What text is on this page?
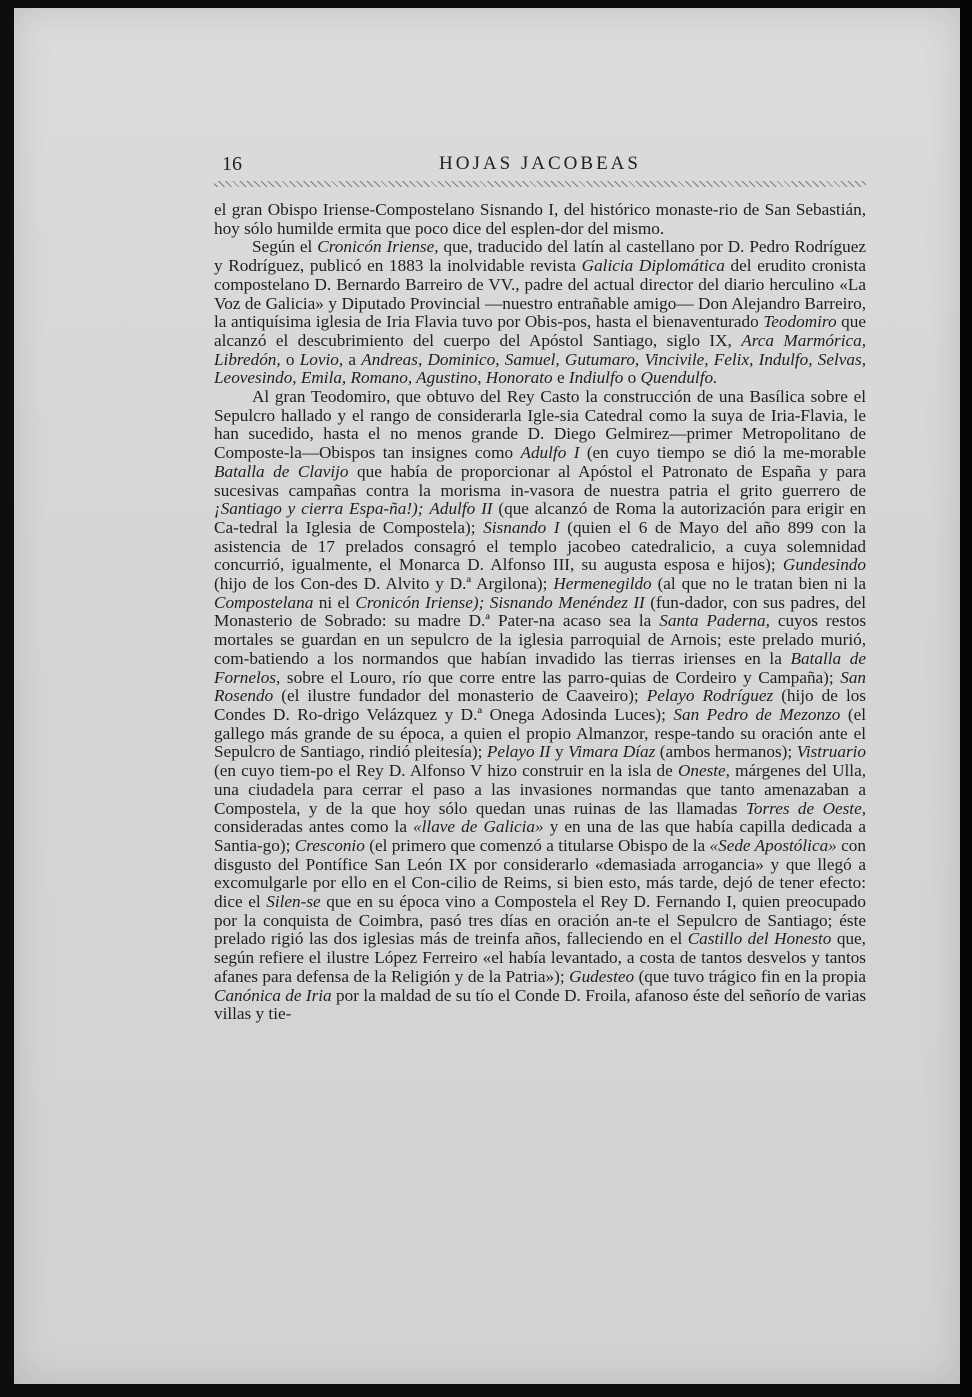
16	HOJAS JACOBEAS

el gran Obispo Iriense-Compostelano Sisnando I, del histórico monaste-rio de San Sebastián, hoy sólo humilde ermita que poco dice del esplen-dor del mismo.

Según el Cronicón Iriense, que, traducido del latín al castellano por D. Pedro Rodríguez y Rodríguez, publicó en 1883 la inolvidable revista Galicia Diplomática del erudito cronista compostelano D. Bernardo Barreiro de VV., padre del actual director del diario herculino «La Voz de Galicia» y Diputado Provincial —nuestro entrañable amigo— Don Alejandro Barreiro, la antiquísima iglesia de Iria Flavia tuvo por Obis-pos, hasta el bienaventurado Teodomiro que alcanzó el descubrimiento del cuerpo del Apóstol Santiago, siglo IX, Arca Marmórica, Libredón, o Lovio, a Andreas, Dominico, Samuel, Gutumaro, Vincivile, Felix, Indulfo, Selvas, Leovesindo, Emila, Romano, Agustino, Honorato e Indiulfo o Quendulfo.

Al gran Teodomiro, que obtuvo del Rey Casto la construcción de una Basílica sobre el Sepulcro hallado y el rango de considerarla Igle-sia Catedral como la suya de Iria-Flavia, le han sucedido, hasta el no menos grande D. Diego Gelmirez—primer Metropolitano de Composte-la—Obispos tan insignes como Adulfo I (en cuyo tiempo se dió la me-morable Batalla de Clavijo que había de proporcionar al Apóstol el Patronato de España y para sucesivas campañas contra la morisma in-vasora de nuestra patria el grito guerrero de ¡Santiago y cierra Espa-ña!); Adulfo II (que alcanzó de Roma la autorización para erigir en Ca-tedral la Iglesia de Compostela); Sisnando I (quien el 6 de Mayo del año 899 con la asistencia de 17 prelados consagró el templo jacobeo catedralicio, a cuya solemnidad concurrió, igualmente, el Monarca D. Alfonso III, su augusta esposa e hijos); Gundesindo (hijo de los Con-des D. Alvito y D.ª Argilona); Hermenegildo (al que no le tratan bien ni la Compostelana ni el Cronicón Iriense); Sisnando Menéndez II (fun-dador, con sus padres, del Monasterio de Sobrado: su madre D.ª Pater-na acaso sea la Santa Paderna, cuyos restos mortales se guardan en un sepulcro de la iglesia parroquial de Arnois; este prelado murió, com-batiendo a los normandos que habían invadido las tierras irienses en la Batalla de Fornelos, sobre el Louro, río que corre entre las parro-quias de Cordeiro y Campaña); San Rosendo (el ilustre fundador del monasterio de Caaveiro); Pelayo Rodríguez (hijo de los Condes D. Ro-drigo Velázquez y D.ª Onega Adosinda Luces); San Pedro de Mezonzo (el gallego más grande de su época, a quien el propio Almanzor, respe-tando su oración ante el Sepulcro de Santiago, rindió pleitesía); Pelayo II y Vimara Díaz (ambos hermanos); Vistruario (en cuyo tiem-po el Rey D. Alfonso V hizo construir en la isla de Oneste, márgenes del Ulla, una ciudadela para cerrar el paso a las invasiones normandas que tanto amenazaban a Compostela, y de la que hoy sólo quedan unas ruinas de las llamadas Torres de Oeste, consideradas antes como la «llave de Galicia» y en una de las que había capilla dedicada a Santia-go); Cresconio (el primero que comenzó a titularse Obispo de la «Sede Apostólica» con disgusto del Pontífice San León IX por considerarlo «demasiada arrogancia» y que llegó a excomulgarle por ello en el Con-cilio de Reims, si bien esto, más tarde, dejó de tener efecto: dice el Silen-se que en su época vino a Compostela el Rey D. Fernando I, quien preocupado por la conquista de Coimbra, pasó tres días en oración an-te el Sepulcro de Santiago; éste prelado rigió las dos iglesias más de treinfa años, falleciendo en el Castillo del Honesto que, según refiere el ilustre López Ferreiro «el había levantado, a costa de tantos desvelos y tantos afanes para defensa de la Religión y de la Patria»); Gudesteo (que tuvo trágico fin en la propia Canónica de Iria por la maldad de su tío el Conde D. Froila, afanoso éste del señorío de varias villas y tie-
